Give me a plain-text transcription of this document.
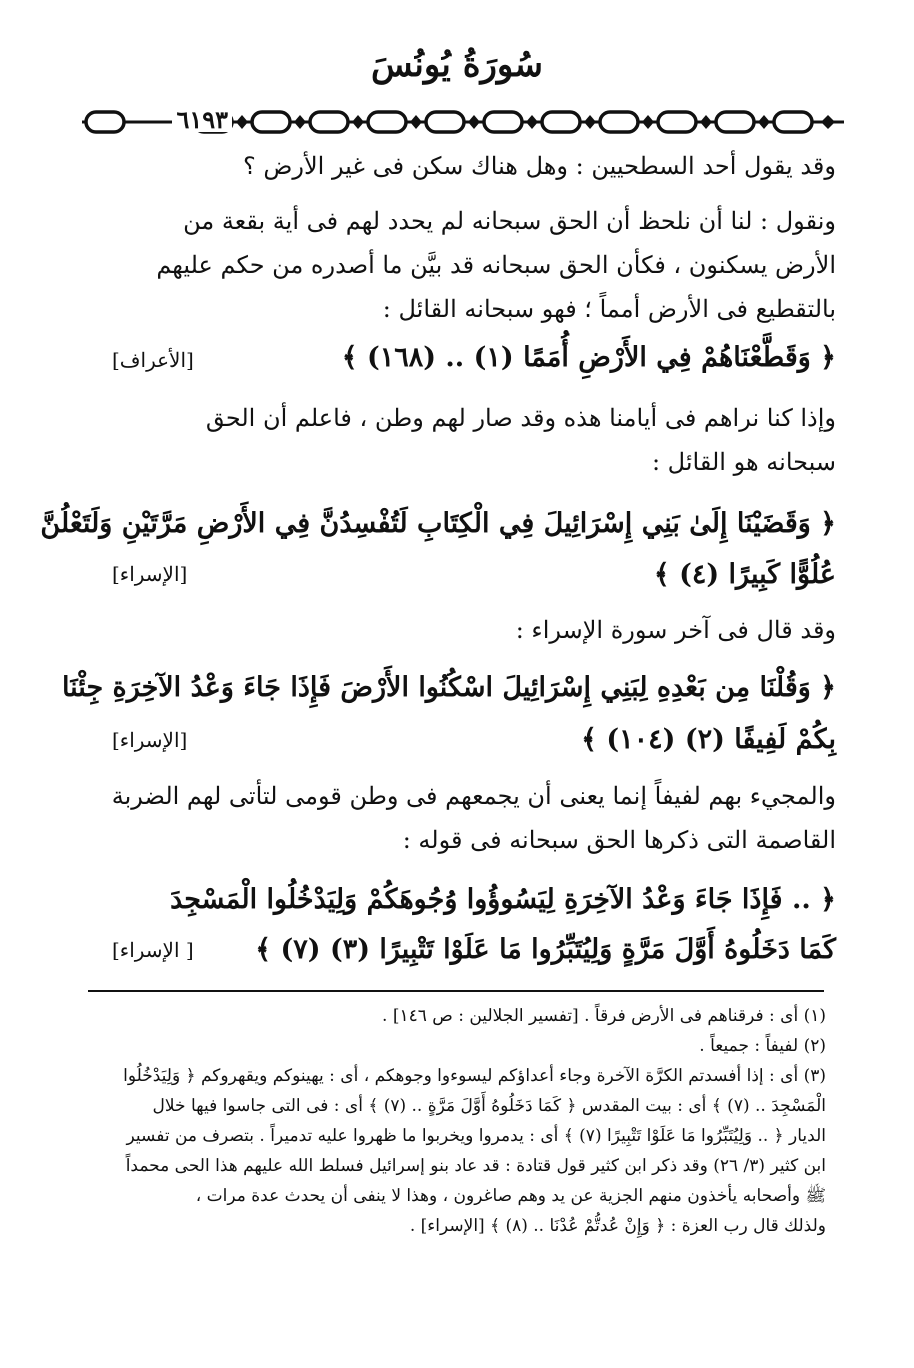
سُورَةُ يُونُسَ
٦١٩٣
وقد يقول أحد السطحيين : وهل هناك سكن فى غير الأرض ؟
ونقول : لنا أن نلحظ أن الحق سبحانه لم يحدد لهم فى أية بقعة من
الأرض يسكنون ، فكأن الحق سبحانه قد بيَّن ما أصدره من حكم عليهم
بالتقطيع فى الأرض أمماً ؛ فهو سبحانه القائل :
﴿ وَقَطَّعْنَاهُمْ فِي الأَرْضِ أُمَمًا (١) .. (١٦٨) ﴾
[الأعراف]
وإذا كنا نراهم فى أيامنا هذه وقد صار لهم وطن ، فاعلم أن الحق
سبحانه هو القائل :
﴿ وَقَضَيْنَا إِلَىٰ بَنِي إِسْرَائِيلَ فِي الْكِتَابِ لَتُفْسِدُنَّ فِي الأَرْضِ مَرَّتَيْنِ وَلَتَعْلُنَّ
عُلُوًّا كَبِيرًا (٤) ﴾
[الإسراء]
وقد قال فى آخر سورة الإسراء :
﴿ وَقُلْنَا مِن بَعْدِهِ لِبَنِي إِسْرَائِيلَ اسْكُنُوا الأَرْضَ فَإِذَا جَاءَ وَعْدُ الآخِرَةِ جِئْنَا
بِكُمْ لَفِيفًا (٢) (١٠٤) ﴾
[الإسراء]
والمجيء بهم لفيفاً إنما يعنى أن يجمعهم فى وطن قومى لتأتى لهم الضربة
القاصمة التى ذكرها الحق سبحانه فى قوله :
﴿ .. فَإِذَا جَاءَ وَعْدُ الآخِرَةِ لِيَسُوؤُوا وُجُوهَكُمْ وَلِيَدْخُلُوا الْمَسْجِدَ
كَمَا دَخَلُوهُ أَوَّلَ مَرَّةٍ وَلِيُتَبِّرُوا مَا عَلَوْا تَتْبِيرًا (٣) (٧) ﴾
[ الإسراء]
(١) أى : فرقناهم فى الأرض فرقاً . [تفسير الجلالين : ص ١٤٦] .
(٢) لفيفاً : جميعاً .
(٣) أى : إذا أفسدتم الكرَّة الآخرة وجاء أعداؤكم ليسوءوا وجوهكم ، أى : يهينوكم ويقهروكم ﴿ وَلِيَدْخُلُوا
الْمَسْجِدَ .. (٧) ﴾ أى : بيت المقدس ﴿ كَمَا دَخَلُوهُ أَوَّلَ مَرَّةٍ .. (٧) ﴾ أى : فى التى جاسوا فيها خلال
الديار ﴿ .. وَلِيُتَبِّرُوا مَا عَلَوْا تَتْبِيرًا (٧) ﴾ أى : يدمروا ويخربوا ما ظهروا عليه تدميراً . بتصرف من تفسير
ابن كثير (٣/ ٢٦) وقد ذكر ابن كثير قول قتادة : قد عاد بنو إسرائيل فسلط الله عليهم هذا الحى محمداً
ﷺ وأصحابه يأخذون منهم الجزية عن يد وهم صاغرون ، وهذا لا ينفى أن يحدث عدة مرات ،
ولذلك قال رب العزة : ﴿ وَإِنْ عُدتُّمْ عُدْنَا .. (٨) ﴾ [الإسراء] .
